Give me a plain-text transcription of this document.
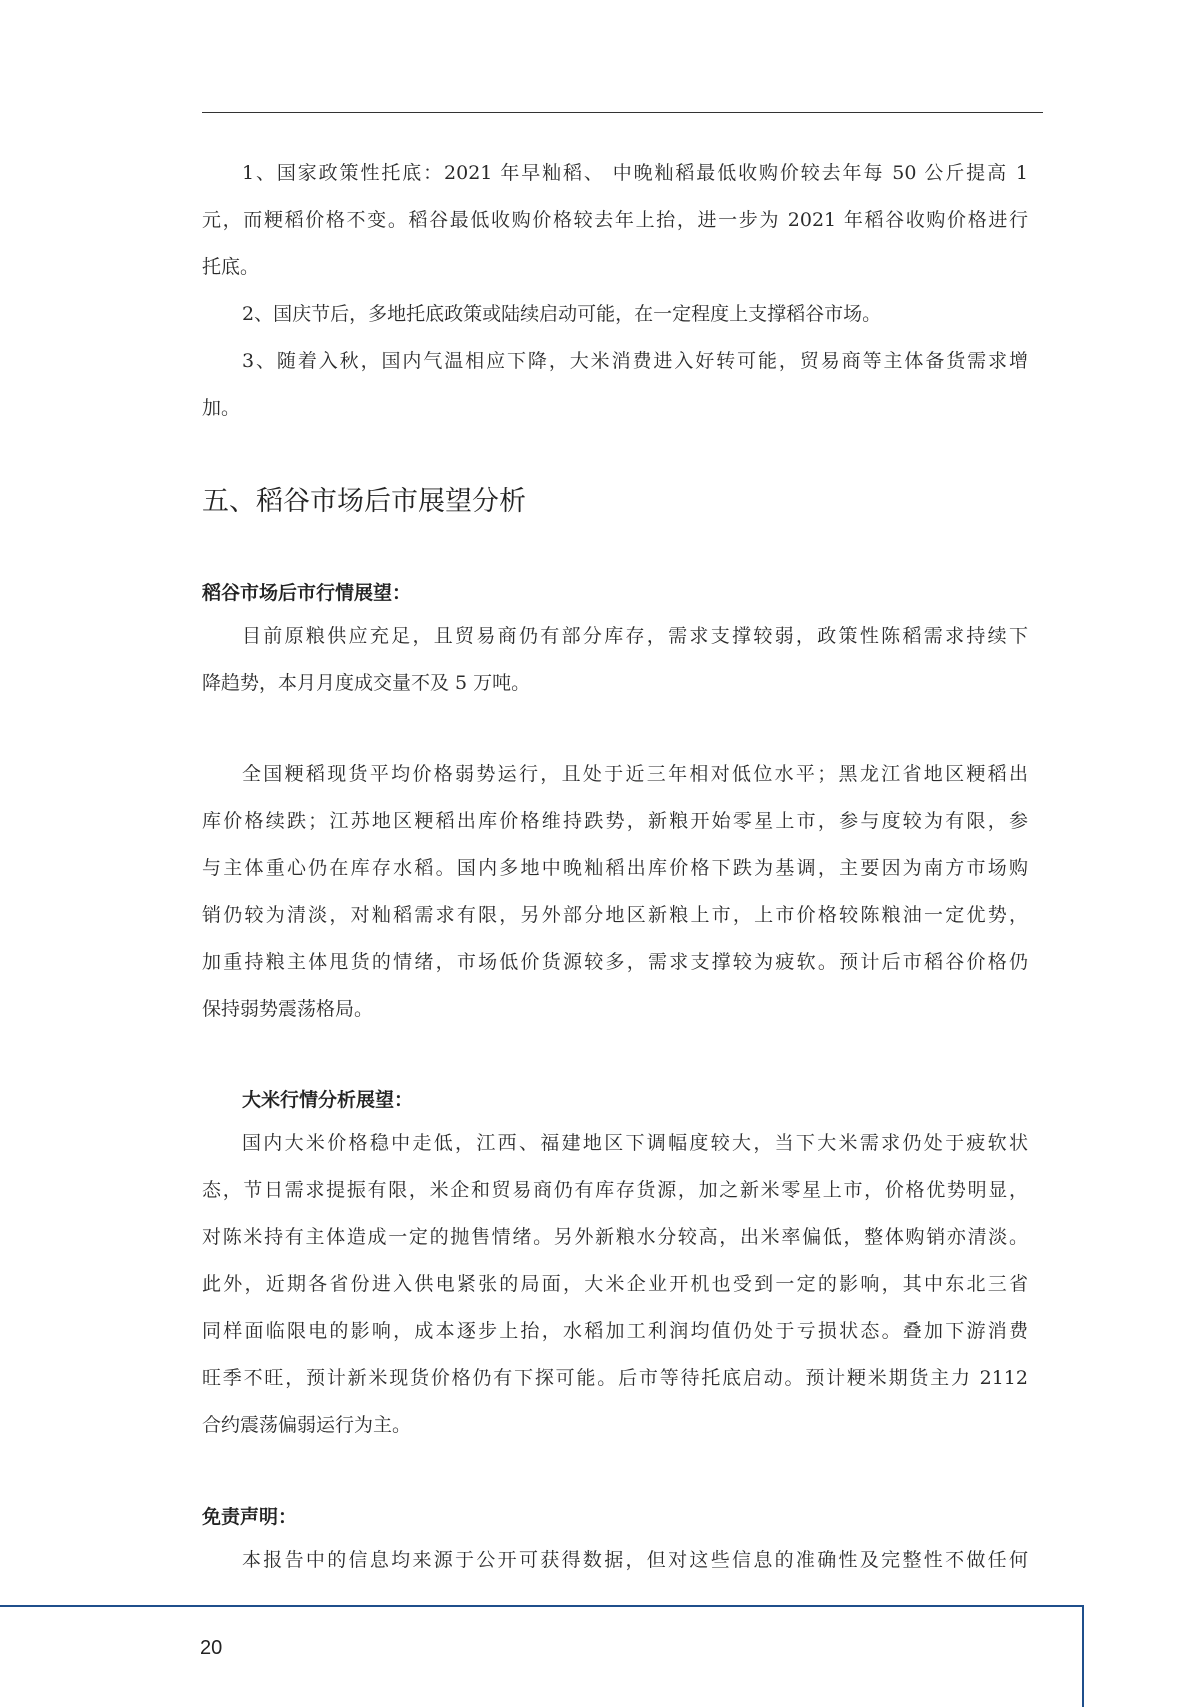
1、国家政策性托底：2021 年早籼稻、 中晚籼稻最低收购价较去年每 50 公斤提高 1
元，而粳稻价格不变。稻谷最低收购价格较去年上抬，进一步为 2021 年稻谷收购价格进行
托底。
2、国庆节后，多地托底政策或陆续启动可能，在一定程度上支撑稻谷市场。
3、随着入秋，国内气温相应下降，大米消费进入好转可能，贸易商等主体备货需求增
加。
五、稻谷市场后市展望分析
稻谷市场后市行情展望：
目前原粮供应充足，且贸易商仍有部分库存，需求支撑较弱，政策性陈稻需求持续下
降趋势，本月月度成交量不及 5 万吨。
全国粳稻现货平均价格弱势运行，且处于近三年相对低位水平；黑龙江省地区粳稻出
库价格续跌；江苏地区粳稻出库价格维持跌势，新粮开始零星上市，参与度较为有限，参
与主体重心仍在库存水稻。国内多地中晚籼稻出库价格下跌为基调，主要因为南方市场购
销仍较为清淡，对籼稻需求有限，另外部分地区新粮上市，上市价格较陈粮油一定优势，
加重持粮主体甩货的情绪，市场低价货源较多，需求支撑较为疲软。预计后市稻谷价格仍
保持弱势震荡格局。
大米行情分析展望：
国内大米价格稳中走低，江西、福建地区下调幅度较大，当下大米需求仍处于疲软状
态，节日需求提振有限，米企和贸易商仍有库存货源，加之新米零星上市，价格优势明显，
对陈米持有主体造成一定的抛售情绪。另外新粮水分较高，出米率偏低，整体购销亦清淡。
此外，近期各省份进入供电紧张的局面，大米企业开机也受到一定的影响，其中东北三省
同样面临限电的影响，成本逐步上抬，水稻加工利润均值仍处于亏损状态。叠加下游消费
旺季不旺，预计新米现货价格仍有下探可能。后市等待托底启动。预计粳米期货主力 2112
合约震荡偏弱运行为主。
免责声明：
本报告中的信息均来源于公开可获得数据，但对这些信息的准确性及完整性不做任何
20
